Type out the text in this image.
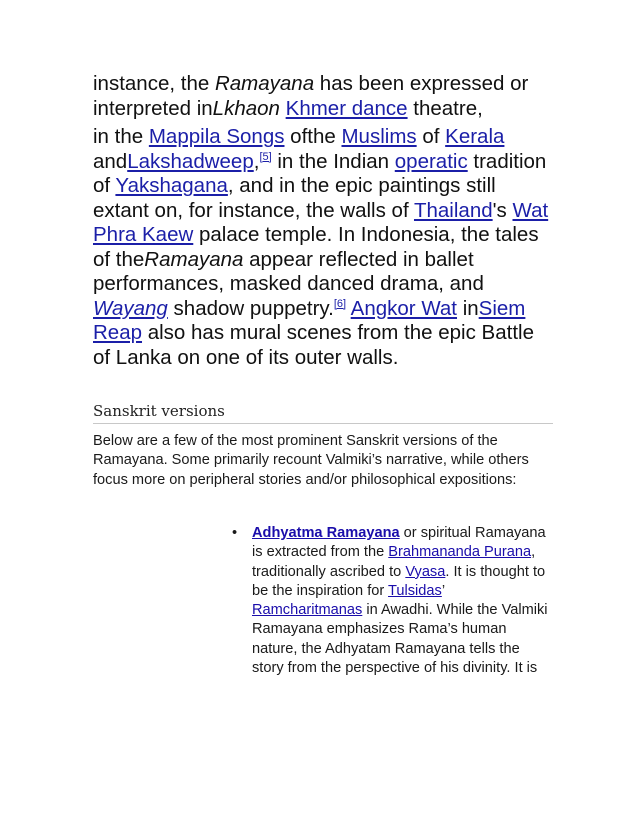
instance, the Ramayana has been expressed or
interpreted inLkhaon Khmer dance theatre,

in the Mappila Songs ofthe Muslims of Kerala andLakshadweep,[5] in the Indian operatic tradition of Yakshagana, and in the epic paintings still extant on, for instance, the walls of Thailand's Wat Phra Kaew palace temple. In Indonesia, the tales of theRamayana appear reflected in ballet performances, masked danced drama, and Wayang shadow puppetry.[6] Angkor Wat inSiem Reap also has mural scenes from the epic Battle of Lanka on one of its outer walls.

Sanskrit versions
Below are a few of the most prominent Sanskrit versions of the Ramayana. Some primarily recount Valmiki’s narrative, while others focus more on peripheral stories and/or philosophical expositions:
• Adhyatma Ramayana or spiritual Ramayana is extracted from the Brahmananda Purana, traditionally ascribed to Vyasa. It is thought to be the inspiration for Tulsidas’ Ramcharitmanas in Awadhi. While the Valmiki Ramayana emphasizes Rama’s human nature, the Adhyatam Ramayana tells the story from the perspective of his divinity. It is
